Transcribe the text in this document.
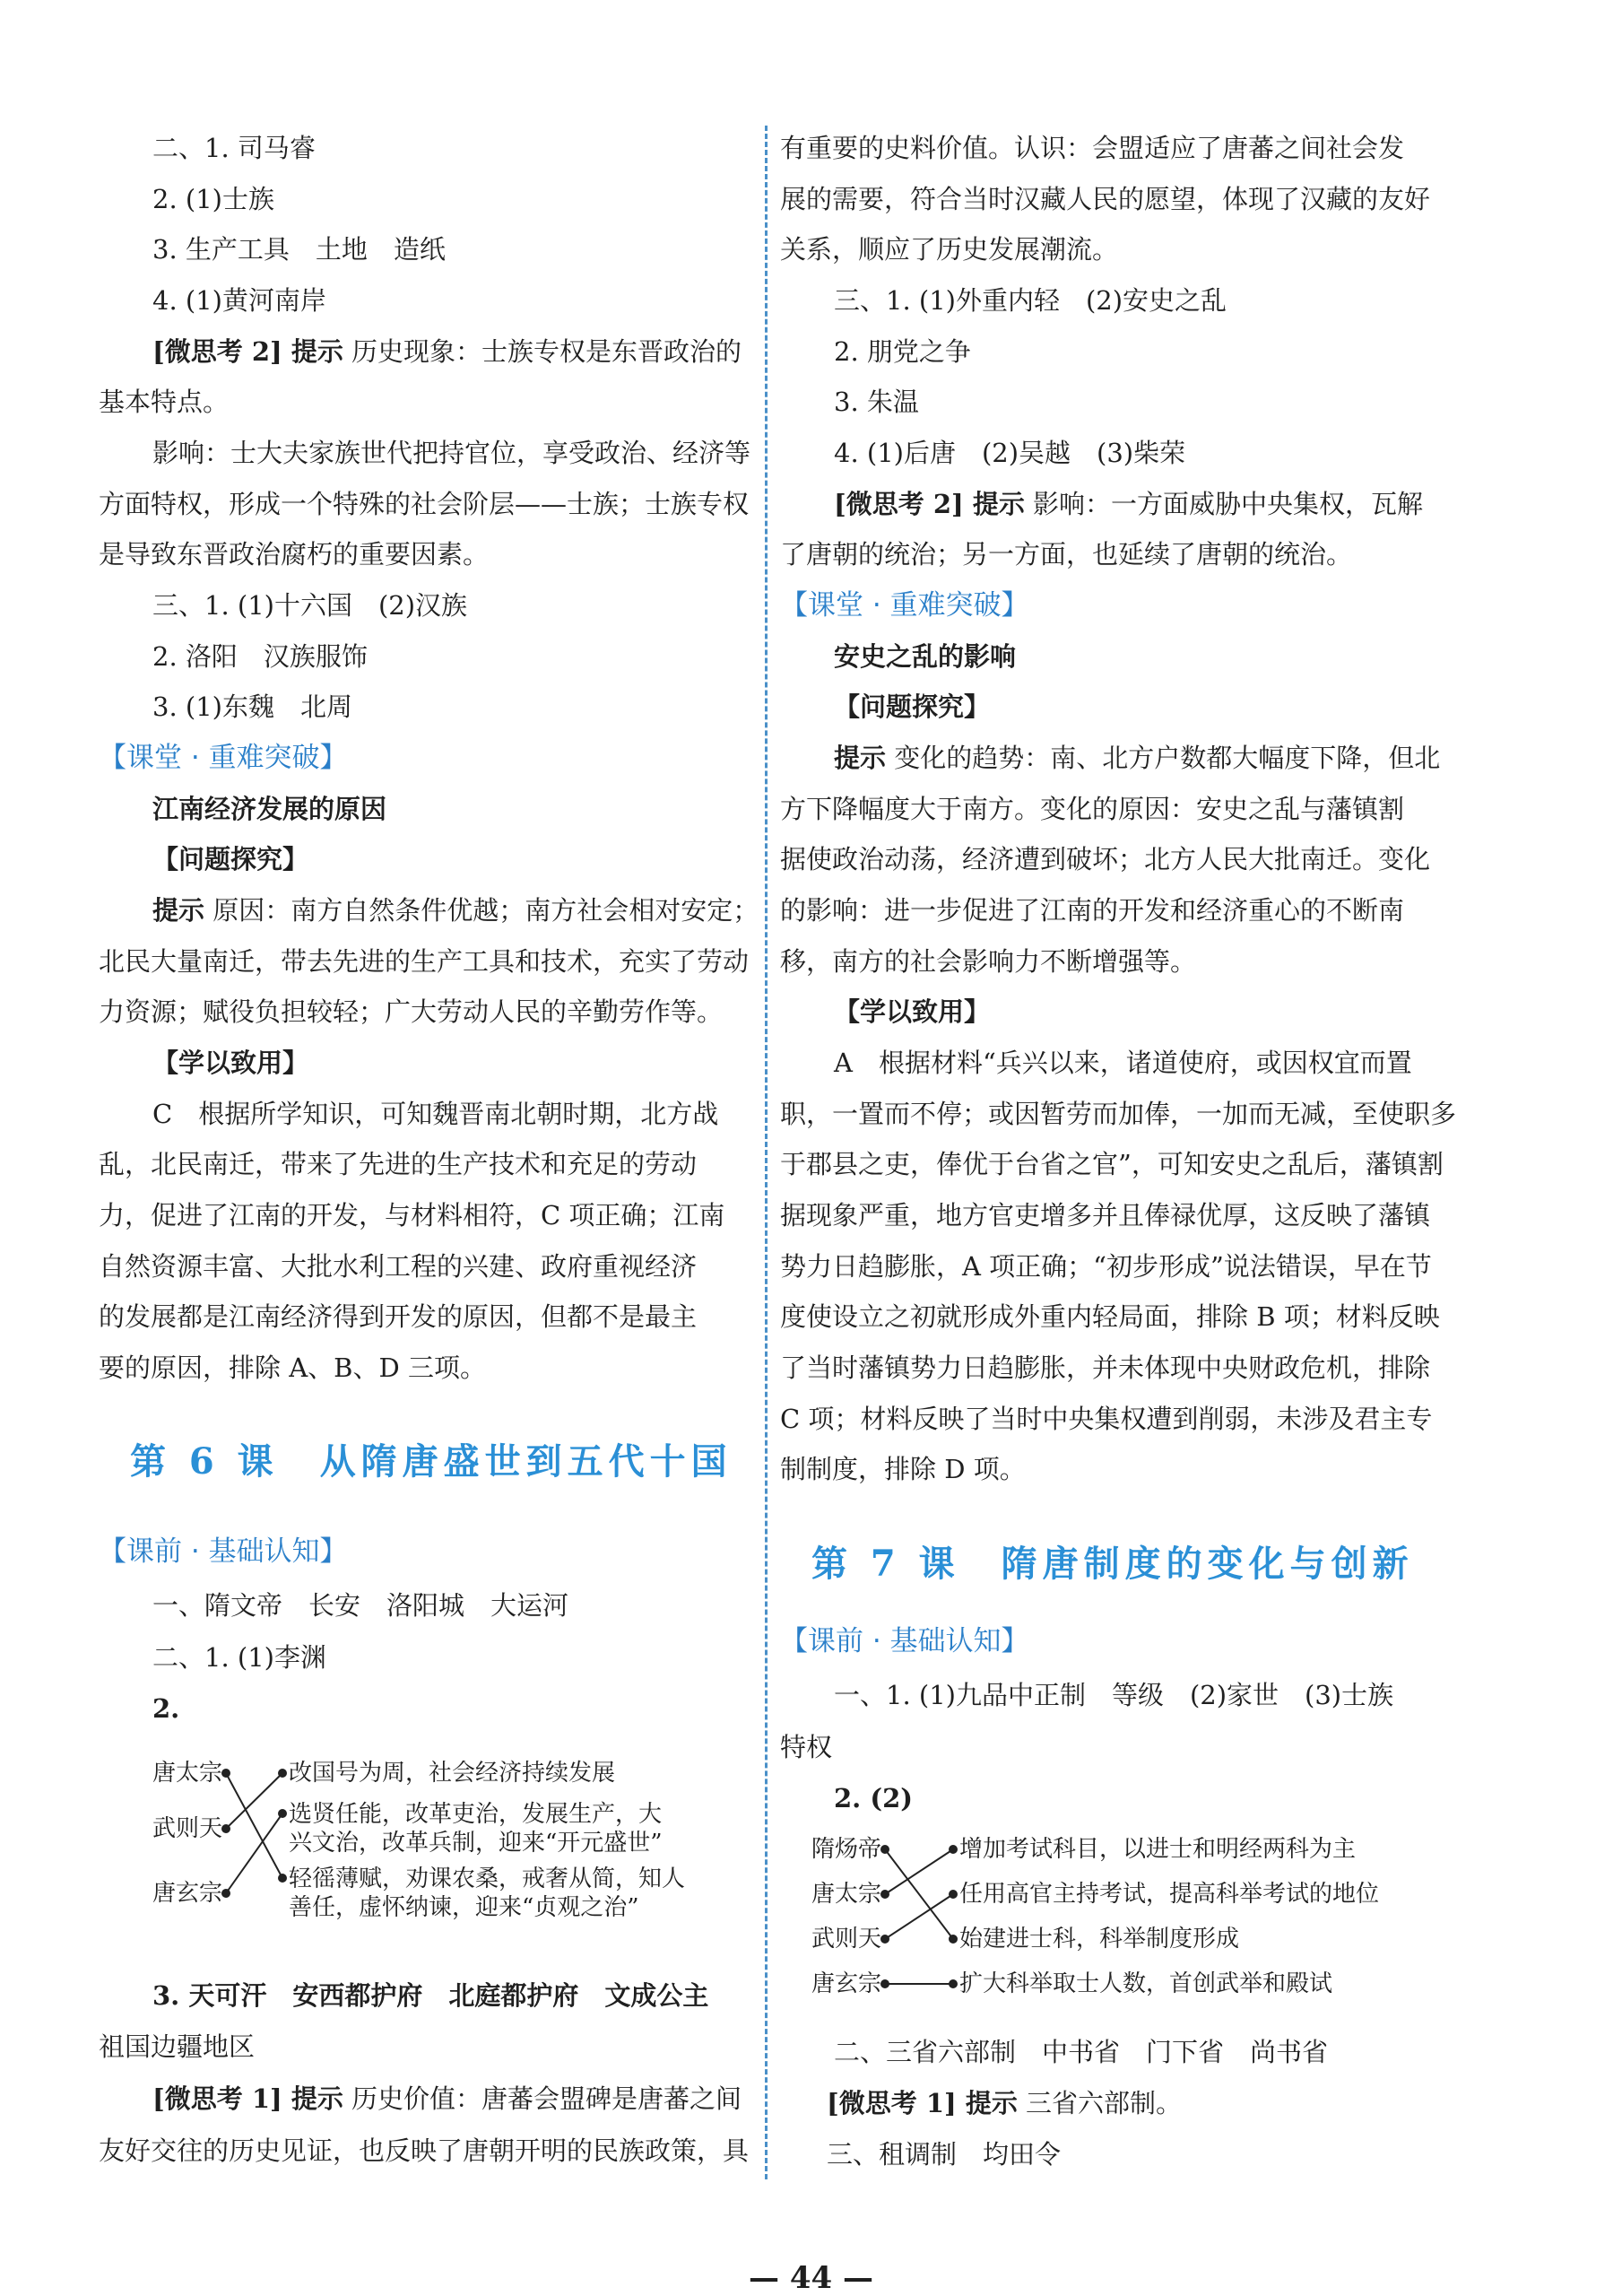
二、1. 司马睿
2. (1)士族
3. 生产工具　土地　造纸
4. (1)黄河南岸
[微思考 2] 提示 历史现象：士族专权是东晋政治的
基本特点。
影响：士大夫家族世代把持官位，享受政治、经济等
方面特权，形成一个特殊的社会阶层——士族；士族专权
是导致东晋政治腐朽的重要因素。
三、1. (1)十六国　(2)汉族
2. 洛阳　汉族服饰
3. (1)东魏　北周
【课堂 · 重难突破】
江南经济发展的原因
【问题探究】
提示 原因：南方自然条件优越；南方社会相对安定；
北民大量南迁，带去先进的生产工具和技术，充实了劳动
力资源；赋役负担较轻；广大劳动人民的辛勤劳作等。
【学以致用】
C　根据所学知识，可知魏晋南北朝时期，北方战
乱，北民南迁，带来了先进的生产技术和充足的劳动
力，促进了江南的开发，与材料相符，C 项正确；江南
自然资源丰富、大批水利工程的兴建、政府重视经济
的发展都是江南经济得到开发的原因，但都不是最主
要的原因，排除 A、B、D 三项。
第 6 课　从隋唐盛世到五代十国
【课前 · 基础认知】
一、隋文帝　长安　洛阳城　大运河
二、1. (1)李渊
2.
唐太宗
武则天
唐玄宗
改国号为周，社会经济持续发展
选贤任能，改革吏治，发展生产，大
兴文治，改革兵制，迎来“开元盛世”
轻徭薄赋，劝课农桑，戒奢从简，知人
善任，虚怀纳谏，迎来“贞观之治”
3. 天可汗　安西都护府　北庭都护府　文成公主
祖国边疆地区
[微思考 1] 提示 历史价值：唐蕃会盟碑是唐蕃之间
友好交往的历史见证，也反映了唐朝开明的民族政策，具
有重要的史料价值。认识：会盟适应了唐蕃之间社会发
展的需要，符合当时汉藏人民的愿望，体现了汉藏的友好
关系，顺应了历史发展潮流。
三、1. (1)外重内轻　(2)安史之乱
2. 朋党之争
3. 朱温
4. (1)后唐　(2)吴越　(3)柴荣
[微思考 2] 提示 影响：一方面威胁中央集权，瓦解
了唐朝的统治；另一方面，也延续了唐朝的统治。
【课堂 · 重难突破】
安史之乱的影响
【问题探究】
提示 变化的趋势：南、北方户数都大幅度下降，但北
方下降幅度大于南方。变化的原因：安史之乱与藩镇割
据使政治动荡，经济遭到破坏；北方人民大批南迁。变化
的影响：进一步促进了江南的开发和经济重心的不断南
移，南方的社会影响力不断增强等。
【学以致用】
A　根据材料“兵兴以来，诸道使府，或因权宜而置
职，一置而不停；或因暂劳而加俸，一加而无减，至使职多
于郡县之吏，俸优于台省之官”，可知安史之乱后，藩镇割
据现象严重，地方官吏增多并且俸禄优厚，这反映了藩镇
势力日趋膨胀，A 项正确；“初步形成”说法错误，早在节
度使设立之初就形成外重内轻局面，排除 B 项；材料反映
了当时藩镇势力日趋膨胀，并未体现中央财政危机，排除
C 项；材料反映了当时中央集权遭到削弱，未涉及君主专
制制度，排除 D 项。
第 7 课　隋唐制度的变化与创新
【课前 · 基础认知】
一、1. (1)九品中正制　等级　(2)家世　(3)士族
特权
2. (2)
隋炀帝
唐太宗
武则天
唐玄宗
增加考试科目，以进士和明经两科为主
任用高官主持考试，提高科举考试的地位
始建进士科，科举制度形成
扩大科举取士人数，首创武举和殿试
二、三省六部制　中书省　门下省　尚书省
[微思考 1] 提示 三省六部制。
三、租调制　均田令
— 44 —
